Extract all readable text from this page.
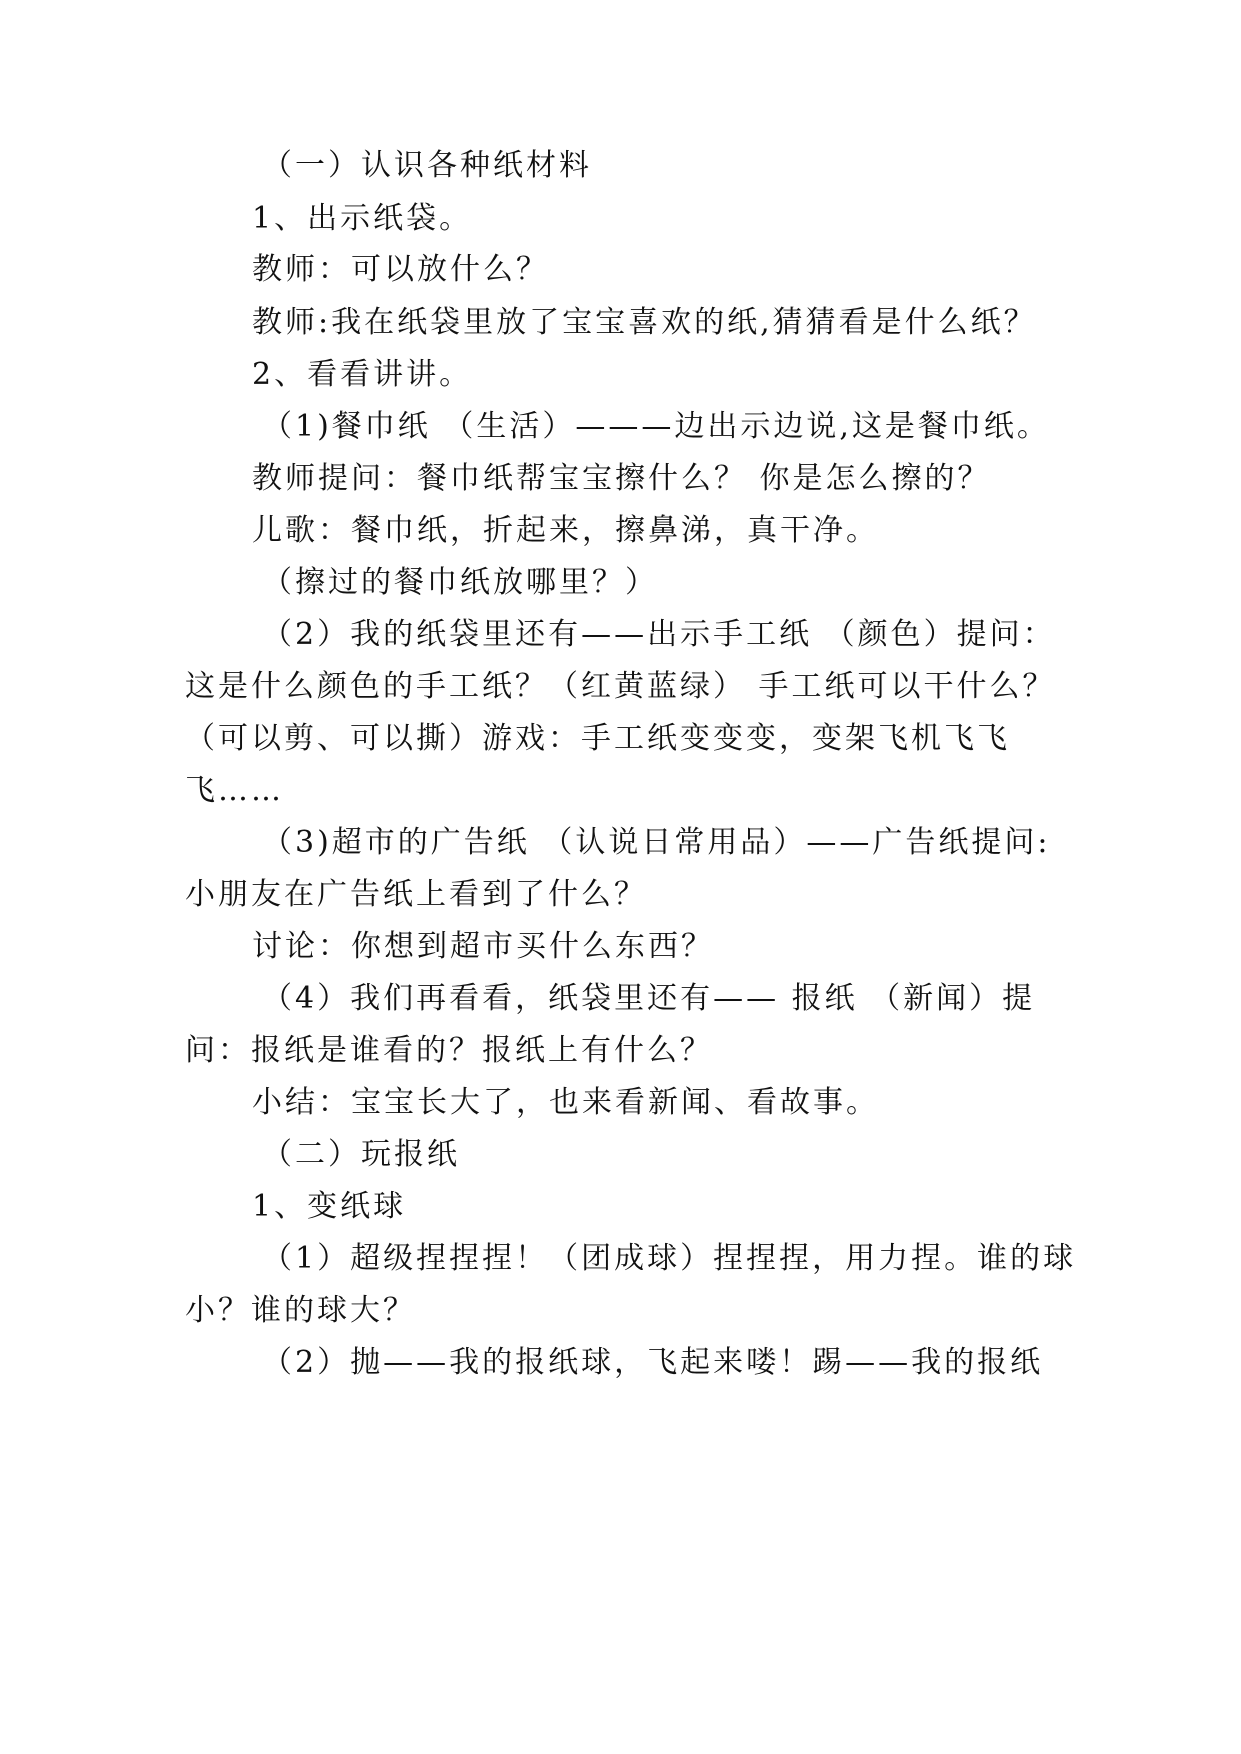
（一）认识各种纸材料
1、出示纸袋。
教师：可以放什么？
教师:我在纸袋里放了宝宝喜欢的纸,猜猜看是什么纸？
2、看看讲讲。
（1)餐巾纸 （生活）———边出示边说,这是餐巾纸。
教师提问：餐巾纸帮宝宝擦什么？ 你是怎么擦的？
儿歌：餐巾纸，折起来，擦鼻涕，真干净。
（擦过的餐巾纸放哪里？）
（2）我的纸袋里还有——出示手工纸 （颜色）提问：
这是什么颜色的手工纸？（红黄蓝绿） 手工纸可以干什么？
（可以剪、可以撕）游戏：手工纸变变变，变架飞机飞飞
飞……
（3)超市的广告纸 （认说日常用品）——广告纸提问:
小朋友在广告纸上看到了什么？
讨论：你想到超市买什么东西？
（4）我们再看看，纸袋里还有—— 报纸 （新闻）提
问：报纸是谁看的？报纸上有什么？
小结：宝宝长大了，也来看新闻、看故事。
（二）玩报纸
1、变纸球
（1）超级捏捏捏！（团成球）捏捏捏，用力捏。谁的球
小？谁的球大？
（2）抛——我的报纸球，飞起来喽！踢——我的报纸
